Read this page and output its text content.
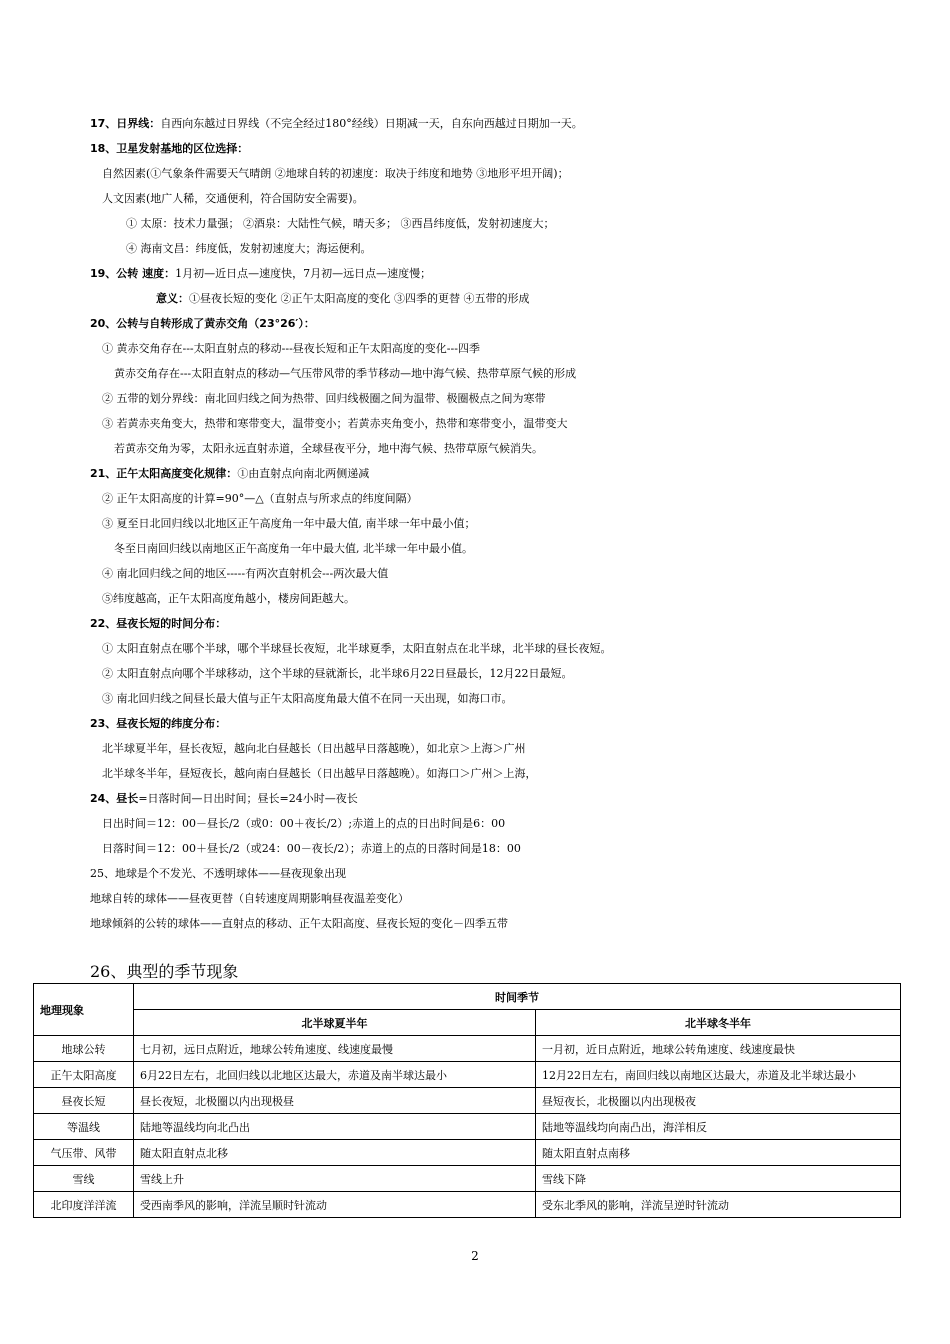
17、日界线：自西向东越过日界线（不完全经过180°经线）日期减一天，自东向西越过日期加一天。
18、卫星发射基地的区位选择：
自然因素(①气象条件需要天气晴朗 ②地球自转的初速度：取决于纬度和地势 ③地形平坦开阔)；
人文因素(地广人稀，交通便利，符合国防安全需要)。
① 太原：技术力量强； ②酒泉：大陆性气候，晴天多； ③西昌纬度低，发射初速度大；
④ 海南文昌：纬度低，发射初速度大；海运便利。
19、公转 速度：1月初—近日点—速度快，7月初—远日点—速度慢；
意义：①昼夜长短的变化 ②正午太阳高度的变化 ③四季的更替 ④五带的形成
20、公转与自转形成了黄赤交角（23°26′）：
① 黄赤交角存在---太阳直射点的移动---昼夜长短和正午太阳高度的变化---四季
黄赤交角存在---太阳直射点的移动—气压带风带的季节移动—地中海气候、热带草原气候的形成
② 五带的划分界线：南北回归线之间为热带、回归线极圈之间为温带、极圈极点之间为寒带
③ 若黄赤夹角变大，热带和寒带变大，温带变小；若黄赤夹角变小，热带和寒带变小，温带变大
若黄赤交角为零，太阳永远直射赤道，全球昼夜平分，地中海气候、热带草原气候消失。
21、正午太阳高度变化规律：①由直射点向南北两侧递减
② 正午太阳高度的计算=90°—△（直射点与所求点的纬度间隔）
③ 夏至日北回归线以北地区正午高度角一年中最大值, 南半球一年中最小值；
冬至日南回归线以南地区正午高度角一年中最大值, 北半球一年中最小值。
④ 南北回归线之间的地区-----有两次直射机会---两次最大值
⑤纬度越高，正午太阳高度角越小，楼房间距越大。
22、昼夜长短的时间分布：
① 太阳直射点在哪个半球，哪个半球昼长夜短，北半球夏季，太阳直射点在北半球，北半球的昼长夜短。
② 太阳直射点向哪个半球移动，这个半球的昼就渐长，北半球6月22日昼最长，12月22日最短。
③ 南北回归线之间昼长最大值与正午太阳高度角最大值不在同一天出现，如海口市。
23、昼夜长短的纬度分布：
北半球夏半年，昼长夜短，越向北白昼越长（日出越早日落越晚），如北京＞上海＞广州
北半球冬半年，昼短夜长，越向南白昼越长（日出越早日落越晚）。如海口＞广州＞上海，
24、昼长=日落时间—日出时间；昼长=24小时—夜长
日出时间＝12：00－昼长/2（或0：00＋夜长/2）;赤道上的点的日出时间是6：00
日落时间＝12：00＋昼长/2（或24：00－夜长/2）；赤道上的点的日落时间是18：00
25、地球是个不发光、不透明球体——昼夜现象出现
地球自转的球体——昼夜更替（自转速度周期影响昼夜温差变化）
地球倾斜的公转的球体——直射点的移动、正午太阳高度、昼夜长短的变化－四季五带
26、典型的季节现象
地理现象	时间季节	
	北半球夏半年	北半球冬半年
地球公转	七月初，远日点附近，地球公转角速度、线速度最慢	一月初，近日点附近，地球公转角速度、线速度最快
正午太阳高度	6月22日左右，北回归线以北地区达最大，赤道及南半球达最小	12月22日左右，南回归线以南地区达最大，赤道及北半球达最小
昼夜长短	昼长夜短，北极圈以内出现极昼	昼短夜长，北极圈以内出现极夜
等温线	陆地等温线均向北凸出	陆地等温线均向南凸出，海洋相反
气压带、风带	随太阳直射点北移	随太阳直射点南移
雪线	雪线上升	雪线下降
北印度洋洋流	受西南季风的影响，洋流呈顺时针流动	受东北季风的影响，洋流呈逆时针流动
2
